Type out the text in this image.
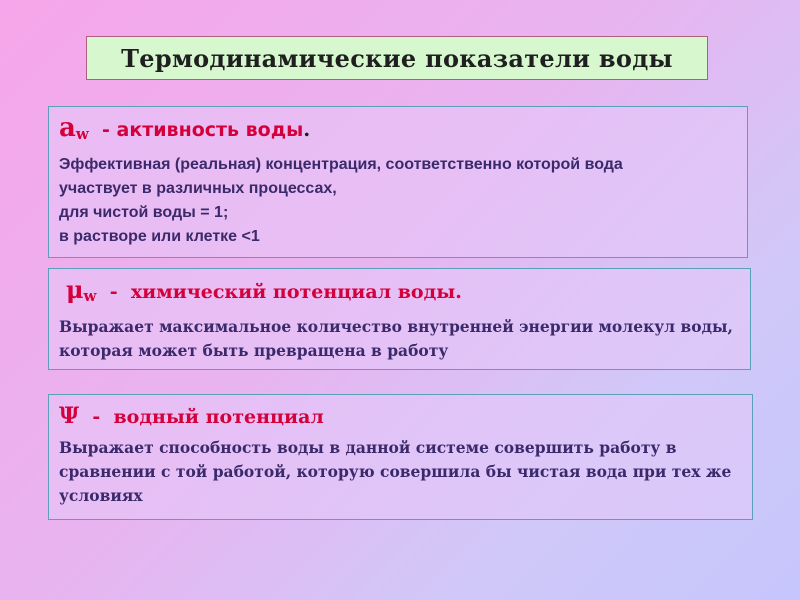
Термодинамические показатели воды
$a_w$  - активность воды.
Эффективная (реальная) концентрация, соответственно которой вода
участвует в различных процессах,
для чистой воды = 1;
в растворе или клетке <1
$\mu_w$  -  химический потенциал воды.
Выражает максимальное количество внутренней энергии молекул воды,
которая может быть превращена в работу
Ψ  -  водный потенциал
Выражает способность воды в данной системе совершить работу в
сравнении с той работой, которую совершила бы чистая вода при тех же
условиях
